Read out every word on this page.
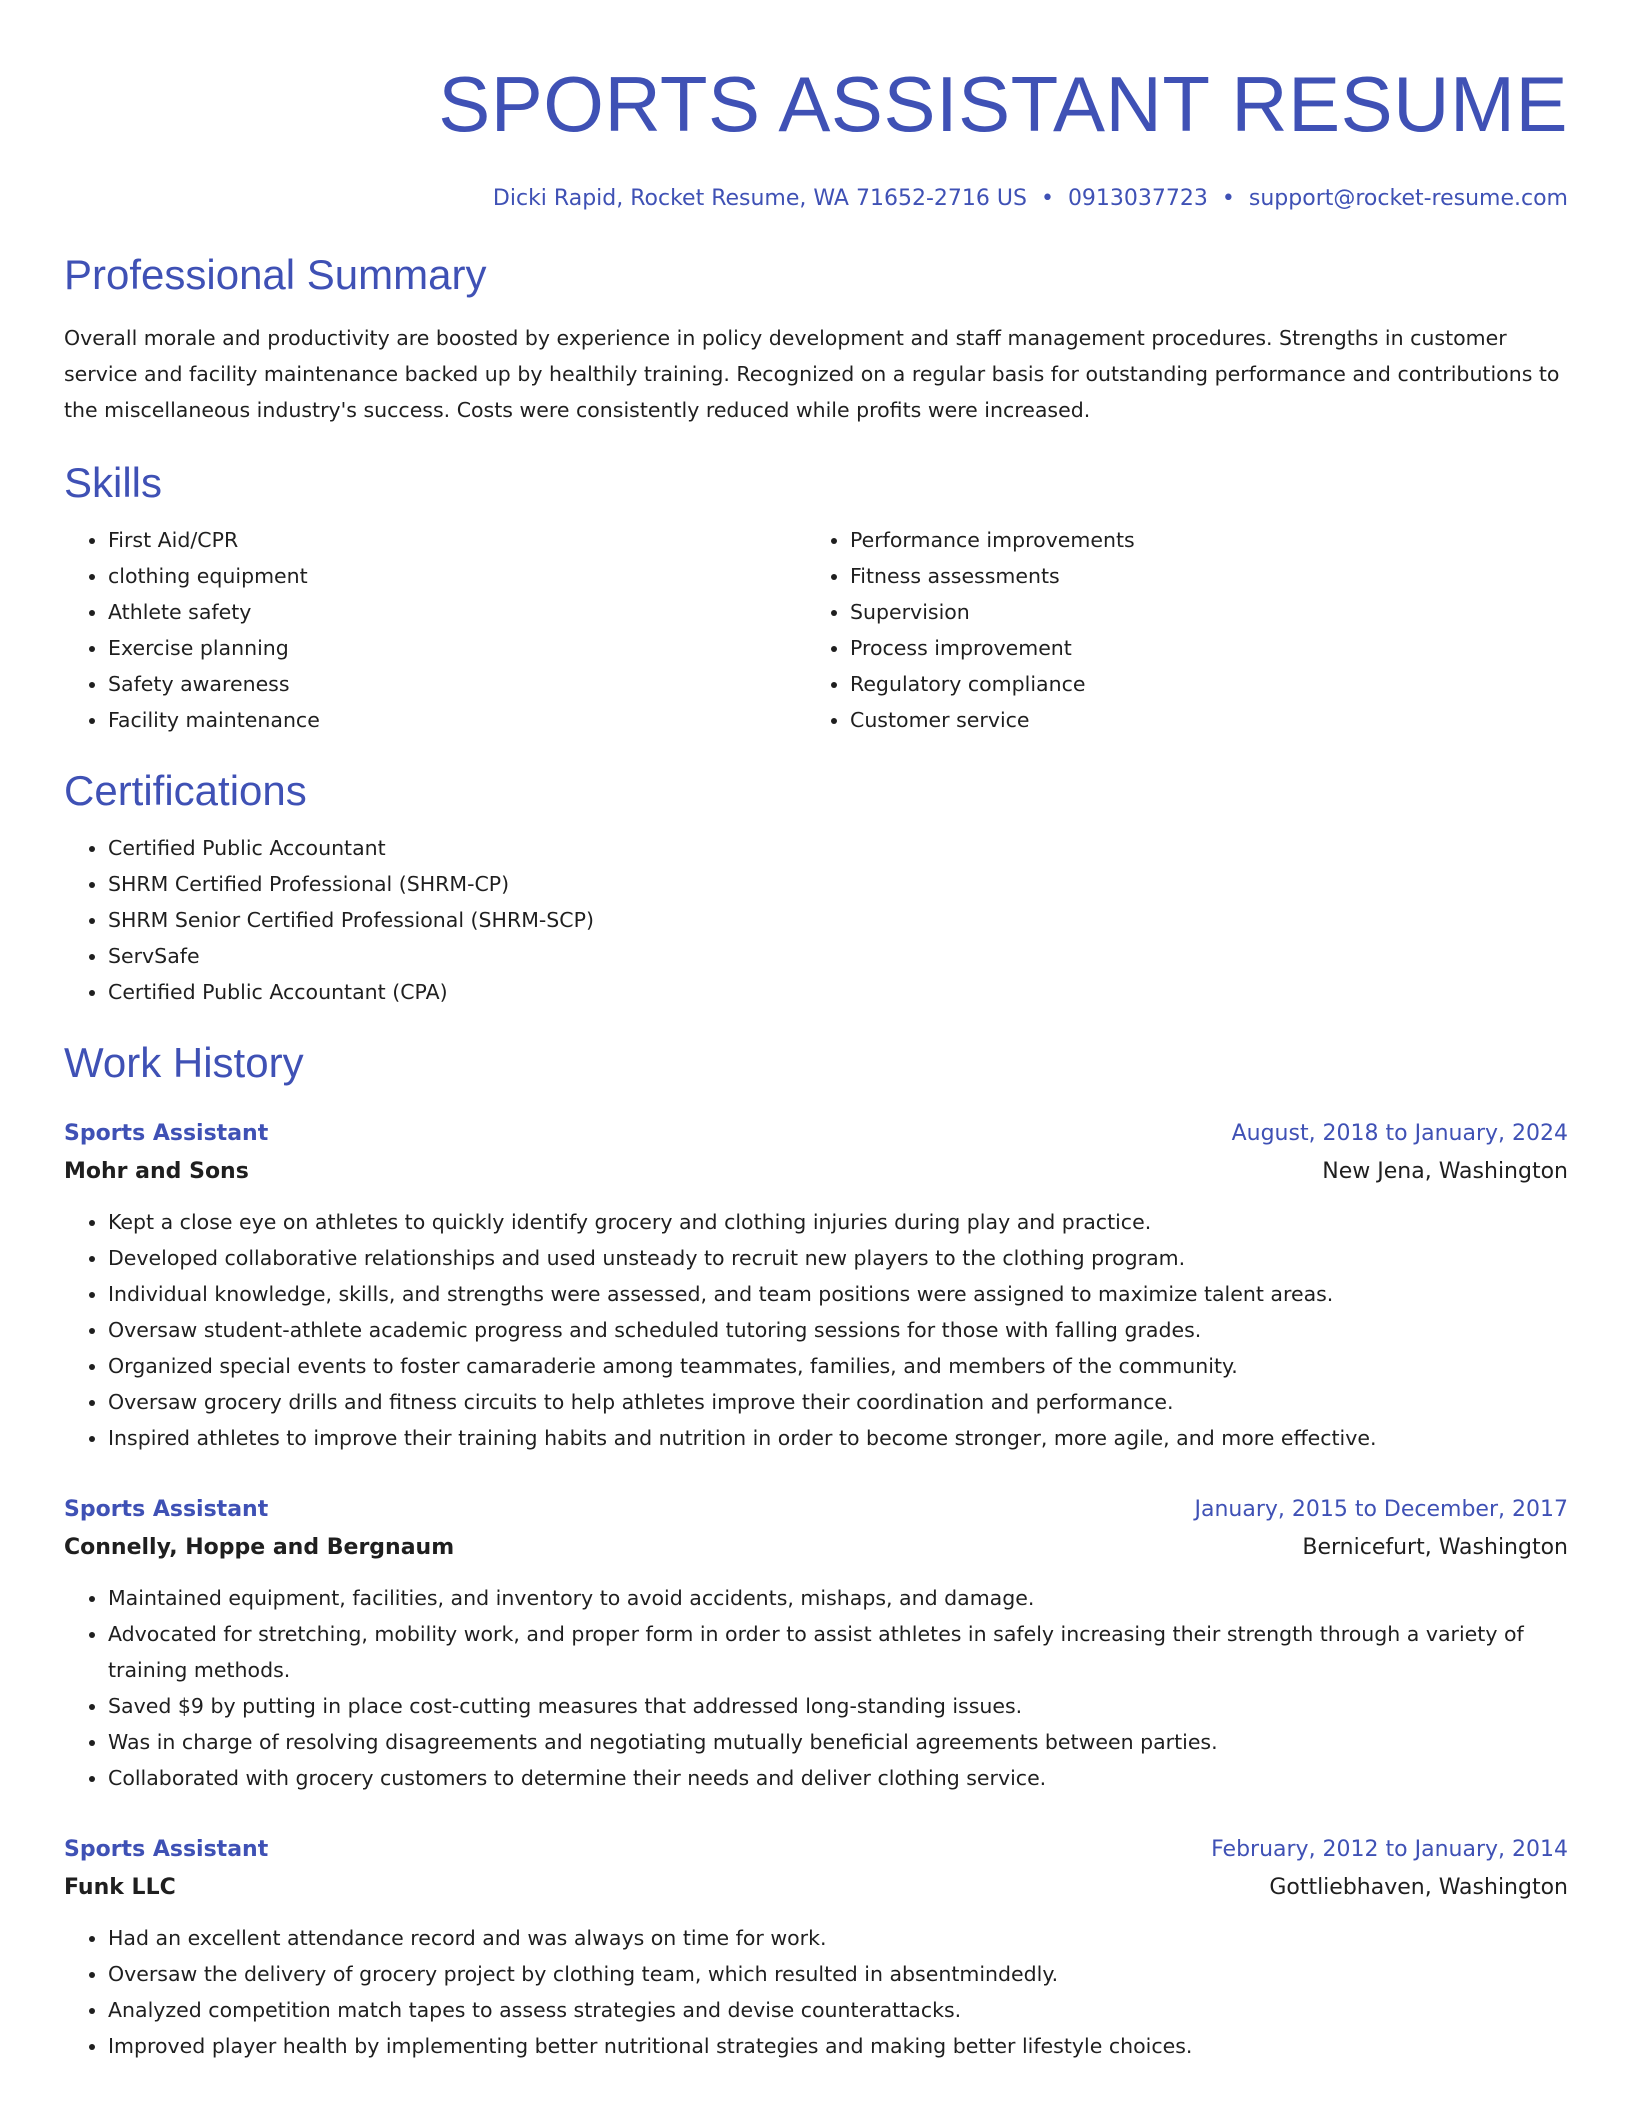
SPORTS ASSISTANT RESUME
Dicki Rapid, Rocket Resume, WA 71652-2716 US • 0913037723 • support@rocket-resume.com
Professional Summary

Overall morale and productivity are boosted by experience in policy development and staff management procedures. Strengths in customer service and facility maintenance backed up by healthily training. Recognized on a regular basis for outstanding performance and contributions to the miscellaneous industry's success. Costs were consistently reduced while profits were increased.

Skills
• First Aid/CPR
• clothing equipment
• Athlete safety
• Exercise planning
• Safety awareness
• Facility maintenance
• Performance improvements
• Fitness assessments
• Supervision
• Process improvement
• Regulatory compliance
• Customer service
Certifications
• Certified Public Accountant
• SHRM Certified Professional (SHRM-CP)
• SHRM Senior Certified Professional (SHRM-SCP)
• ServSafe
• Certified Public Accountant (CPA)
Work History
Sports Assistant	August, 2018 to January, 2024
Mohr and Sons	New Jena, Washington
• Kept a close eye on athletes to quickly identify grocery and clothing injuries during play and practice.
• Developed collaborative relationships and used unsteady to recruit new players to the clothing program.
• Individual knowledge, skills, and strengths were assessed, and team positions were assigned to maximize talent areas.
• Oversaw student-athlete academic progress and scheduled tutoring sessions for those with falling grades.
• Organized special events to foster camaraderie among teammates, families, and members of the community.
• Oversaw grocery drills and fitness circuits to help athletes improve their coordination and performance.
• Inspired athletes to improve their training habits and nutrition in order to become stronger, more agile, and more effective.
Sports Assistant	January, 2015 to December, 2017
Connelly, Hoppe and Bergnaum	Bernicefurt, Washington
• Maintained equipment, facilities, and inventory to avoid accidents, mishaps, and damage.
• Advocated for stretching, mobility work, and proper form in order to assist athletes in safely increasing their strength through a variety of training methods.
• Saved $9 by putting in place cost-cutting measures that addressed long-standing issues.
• Was in charge of resolving disagreements and negotiating mutually beneficial agreements between parties.
• Collaborated with grocery customers to determine their needs and deliver clothing service.
Sports Assistant	February, 2012 to January, 2014
Funk LLC	Gottliebhaven, Washington
• Had an excellent attendance record and was always on time for work.
• Oversaw the delivery of grocery project by clothing team, which resulted in absentmindedly.
• Analyzed competition match tapes to assess strategies and devise counterattacks.
• Improved player health by implementing better nutritional strategies and making better lifestyle choices.
